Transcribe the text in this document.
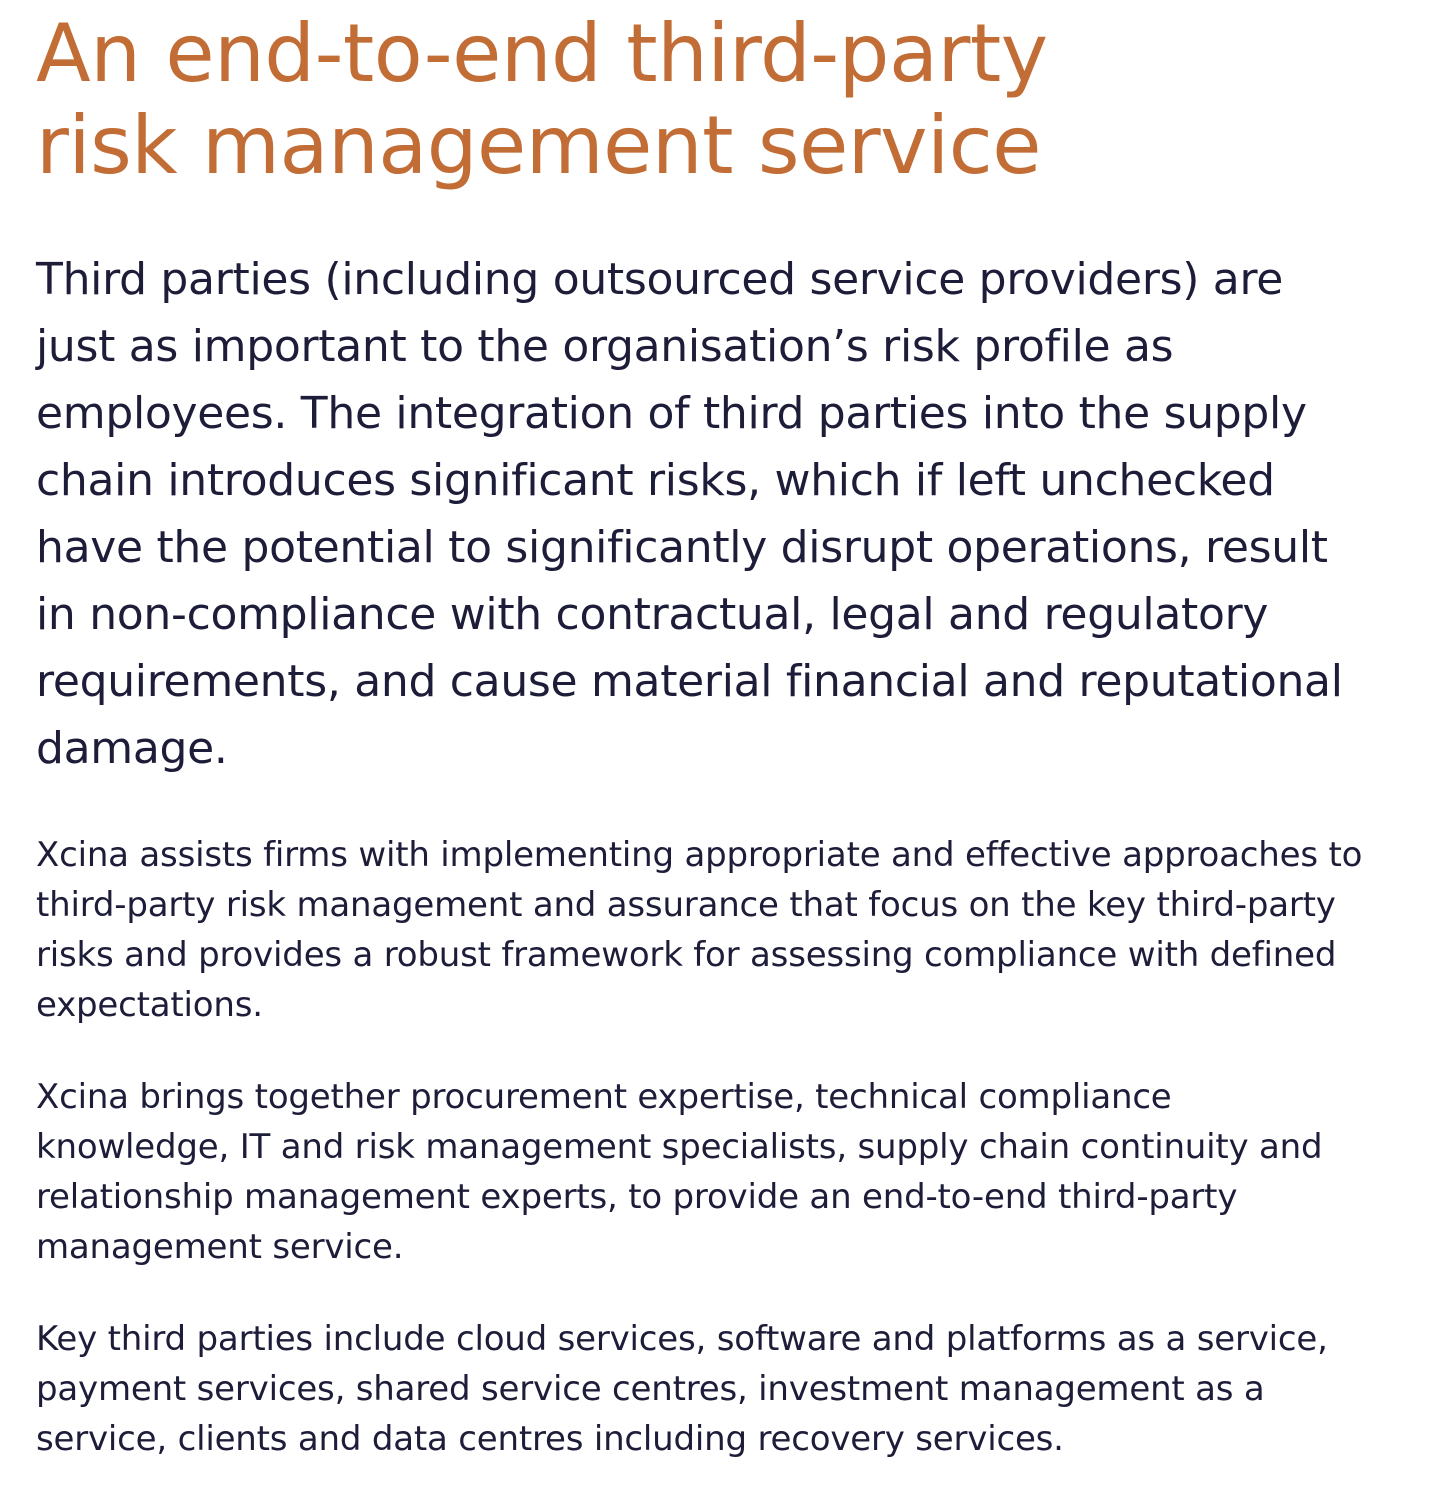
An end-to-end third-party
risk management service

Third parties (including outsourced service providers) are just as important to the organisation’s risk profile as employees. The integration of third parties into the supply chain introduces significant risks, which if left unchecked have the potential to significantly disrupt operations, result in non-compliance with contractual, legal and regulatory requirements, and cause material financial and reputational damage.

Xcina assists firms with implementing appropriate and effective approaches to third-party risk management and assurance that focus on the key third-party risks and provides a robust framework for assessing compliance with defined expectations.

Xcina brings together procurement expertise, technical compliance knowledge, IT and risk management specialists, supply chain continuity and relationship management experts, to provide an end-to-end third-party management service.

Key third parties include cloud services, software and platforms as a service, payment services, shared service centres, investment management as a service, clients and data centres including recovery services.
